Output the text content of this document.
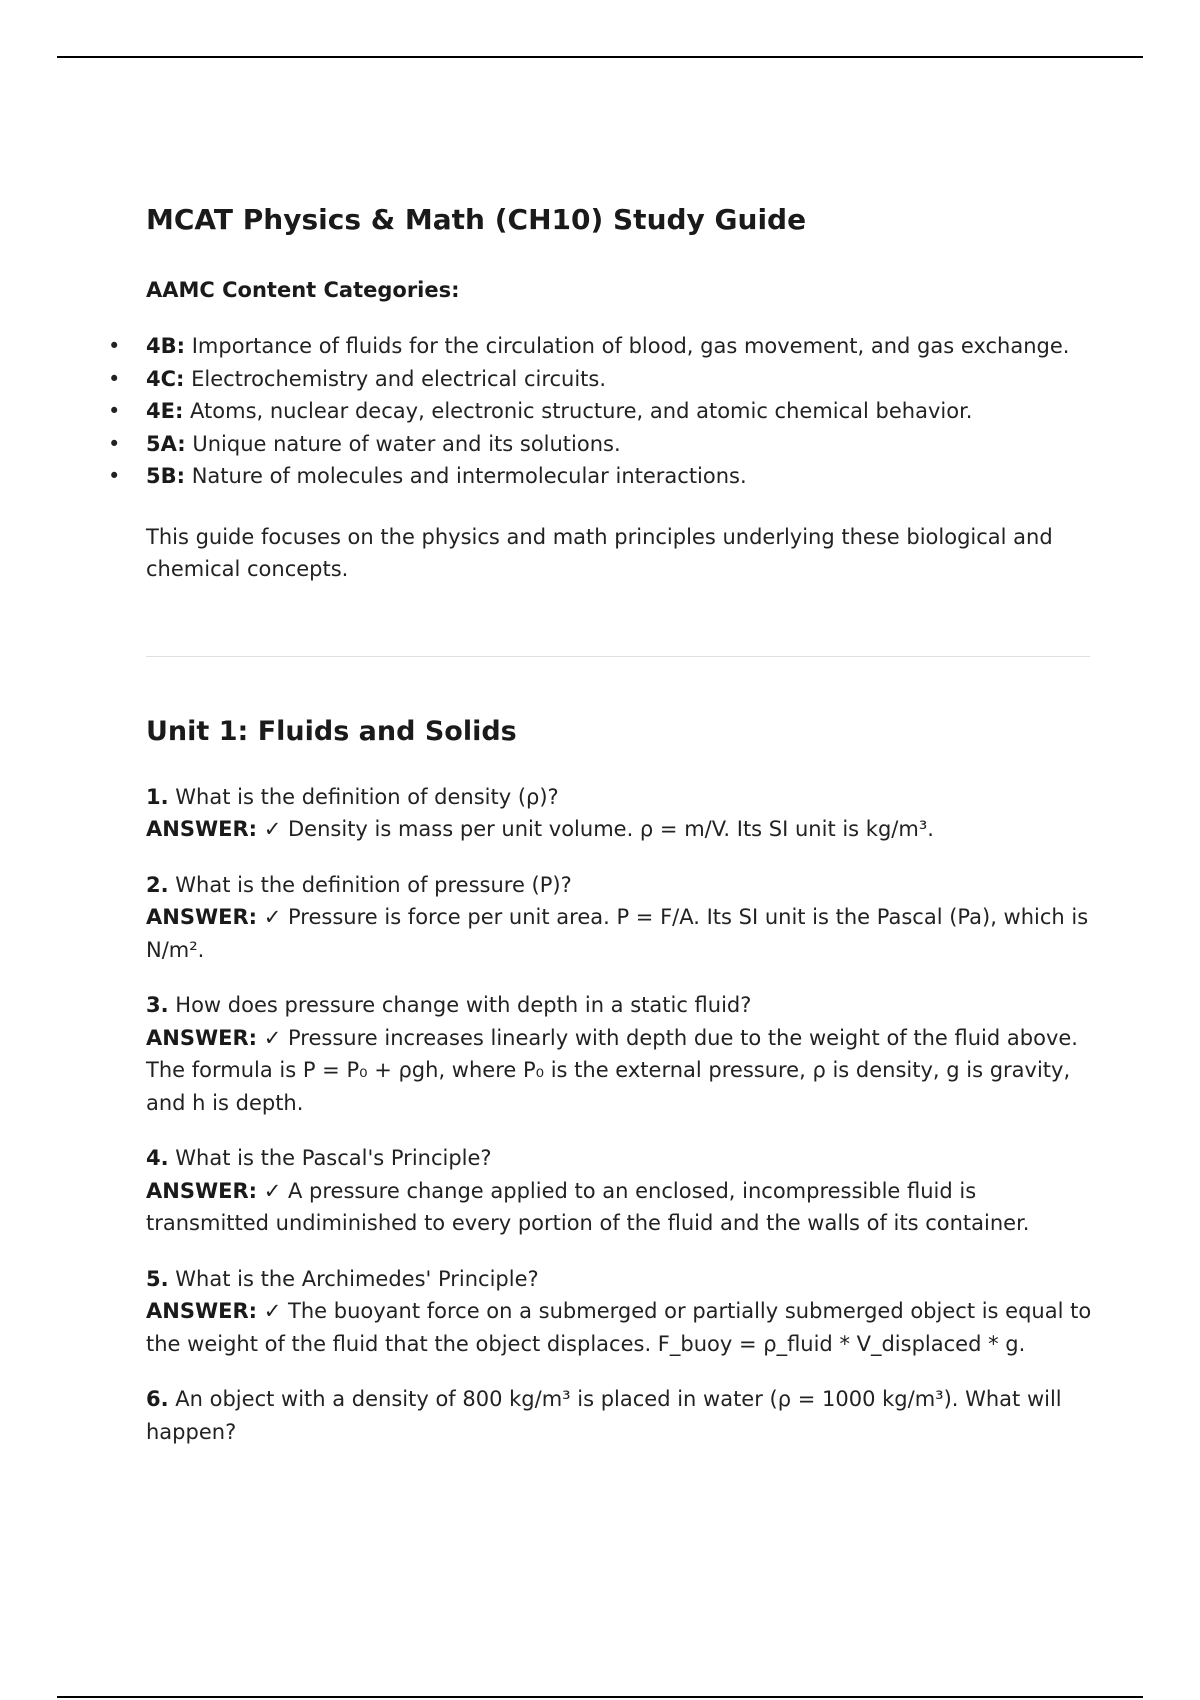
MCAT Physics & Math (CH10) Study Guide
AAMC Content Categories:
• 4B: Importance of fluids for the circulation of blood, gas movement, and gas exchange.
• 4C: Electrochemistry and electrical circuits.
• 4E: Atoms, nuclear decay, electronic structure, and atomic chemical behavior.
• 5A: Unique nature of water and its solutions.
• 5B: Nature of molecules and intermolecular interactions.

This guide focuses on the physics and math principles underlying these biological and chemical concepts.

Unit 1: Fluids and Solids
1. What is the definition of density (ρ)?
ANSWER: ✓ Density is mass per unit volume. ρ = m/V. Its SI unit is kg/m³.
2. What is the definition of pressure (P)?
ANSWER: ✓ Pressure is force per unit area. P = F/A. Its SI unit is the Pascal (Pa), which is N/m².
3. How does pressure change with depth in a static fluid?
ANSWER: ✓ Pressure increases linearly with depth due to the weight of the fluid above. The formula is P = P₀ + ρgh, where P₀ is the external pressure, ρ is density, g is gravity, and h is depth.
4. What is the Pascal's Principle?
ANSWER: ✓ A pressure change applied to an enclosed, incompressible fluid is transmitted undiminished to every portion of the fluid and the walls of its container.
5. What is the Archimedes' Principle?
ANSWER: ✓ The buoyant force on a submerged or partially submerged object is equal to the weight of the fluid that the object displaces. F_buoy = ρ_fluid * V_displaced * g.
6. An object with a density of 800 kg/m³ is placed in water (ρ = 1000 kg/m³). What will happen?
